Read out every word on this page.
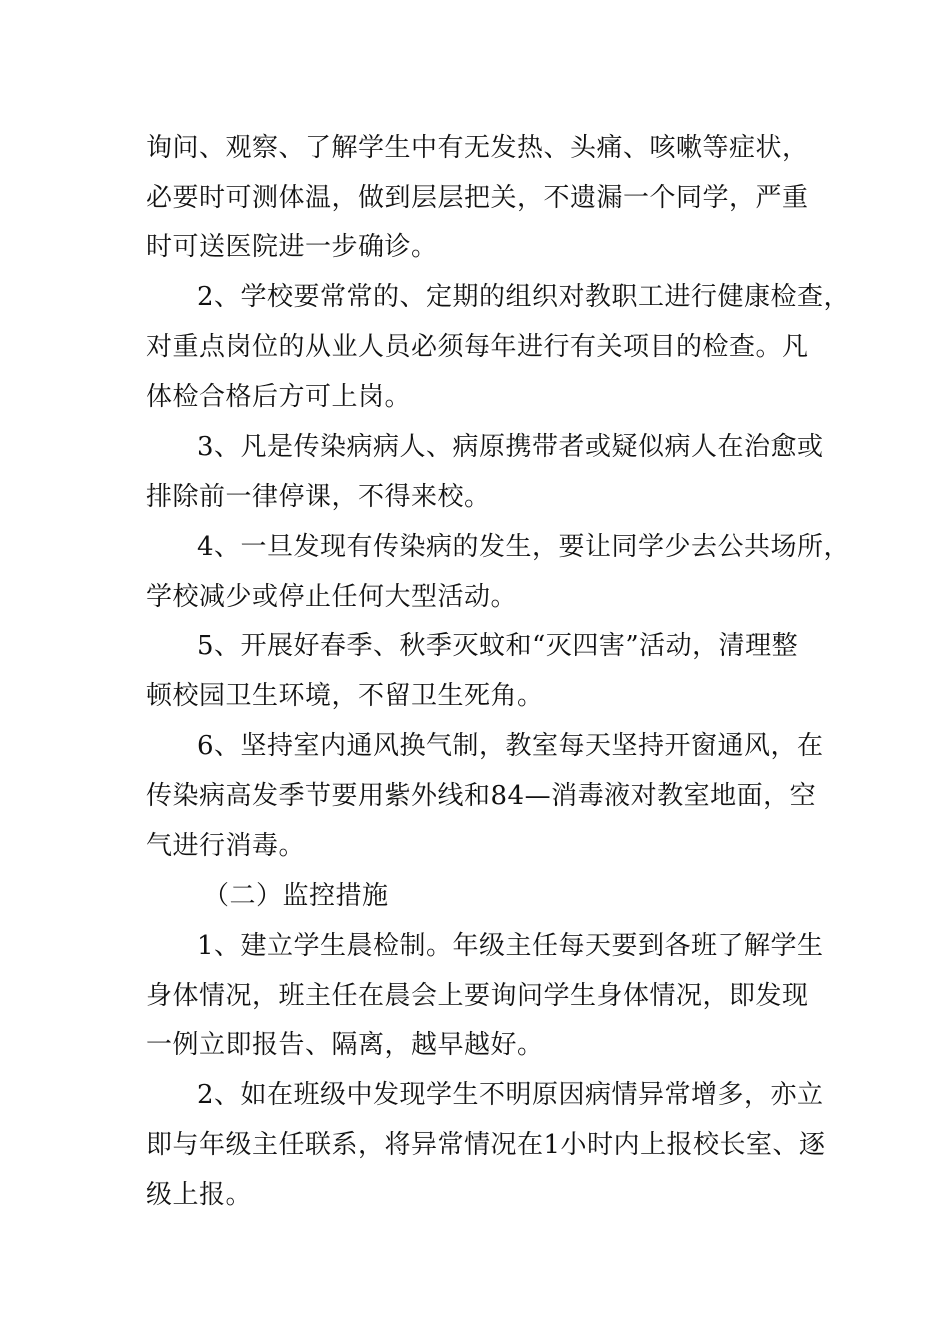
询问、观察、了解学生中有无发热、头痛、咳嗽等症状，
必要时可测体温，做到层层把关，不遗漏一个同学，严重
时可送医院进一步确诊。
2、学校要常常的、定期的组织对教职工进行健康检查，
对重点岗位的从业人员必须每年进行有关项目的检查。凡
体检合格后方可上岗。
3、凡是传染病病人、病原携带者或疑似病人在治愈或
排除前一律停课，不得来校。
4、一旦发现有传染病的发生，要让同学少去公共场所，
学校减少或停止任何大型活动。
5、开展好春季、秋季灭蚊和“灭四害”活动，清理整
顿校园卫生环境，不留卫生死角。
6、坚持室内通风换气制，教室每天坚持开窗通风，在
传染病高发季节要用紫外线和84—消毒液对教室地面，空
气进行消毒。
（二）监控措施
1、建立学生晨检制。年级主任每天要到各班了解学生
身体情况，班主任在晨会上要询问学生身体情况，即发现
一例立即报告、隔离，越早越好。
2、如在班级中发现学生不明原因病情异常增多，亦立
即与年级主任联系，将异常情况在1小时内上报校长室、逐
级上报。
